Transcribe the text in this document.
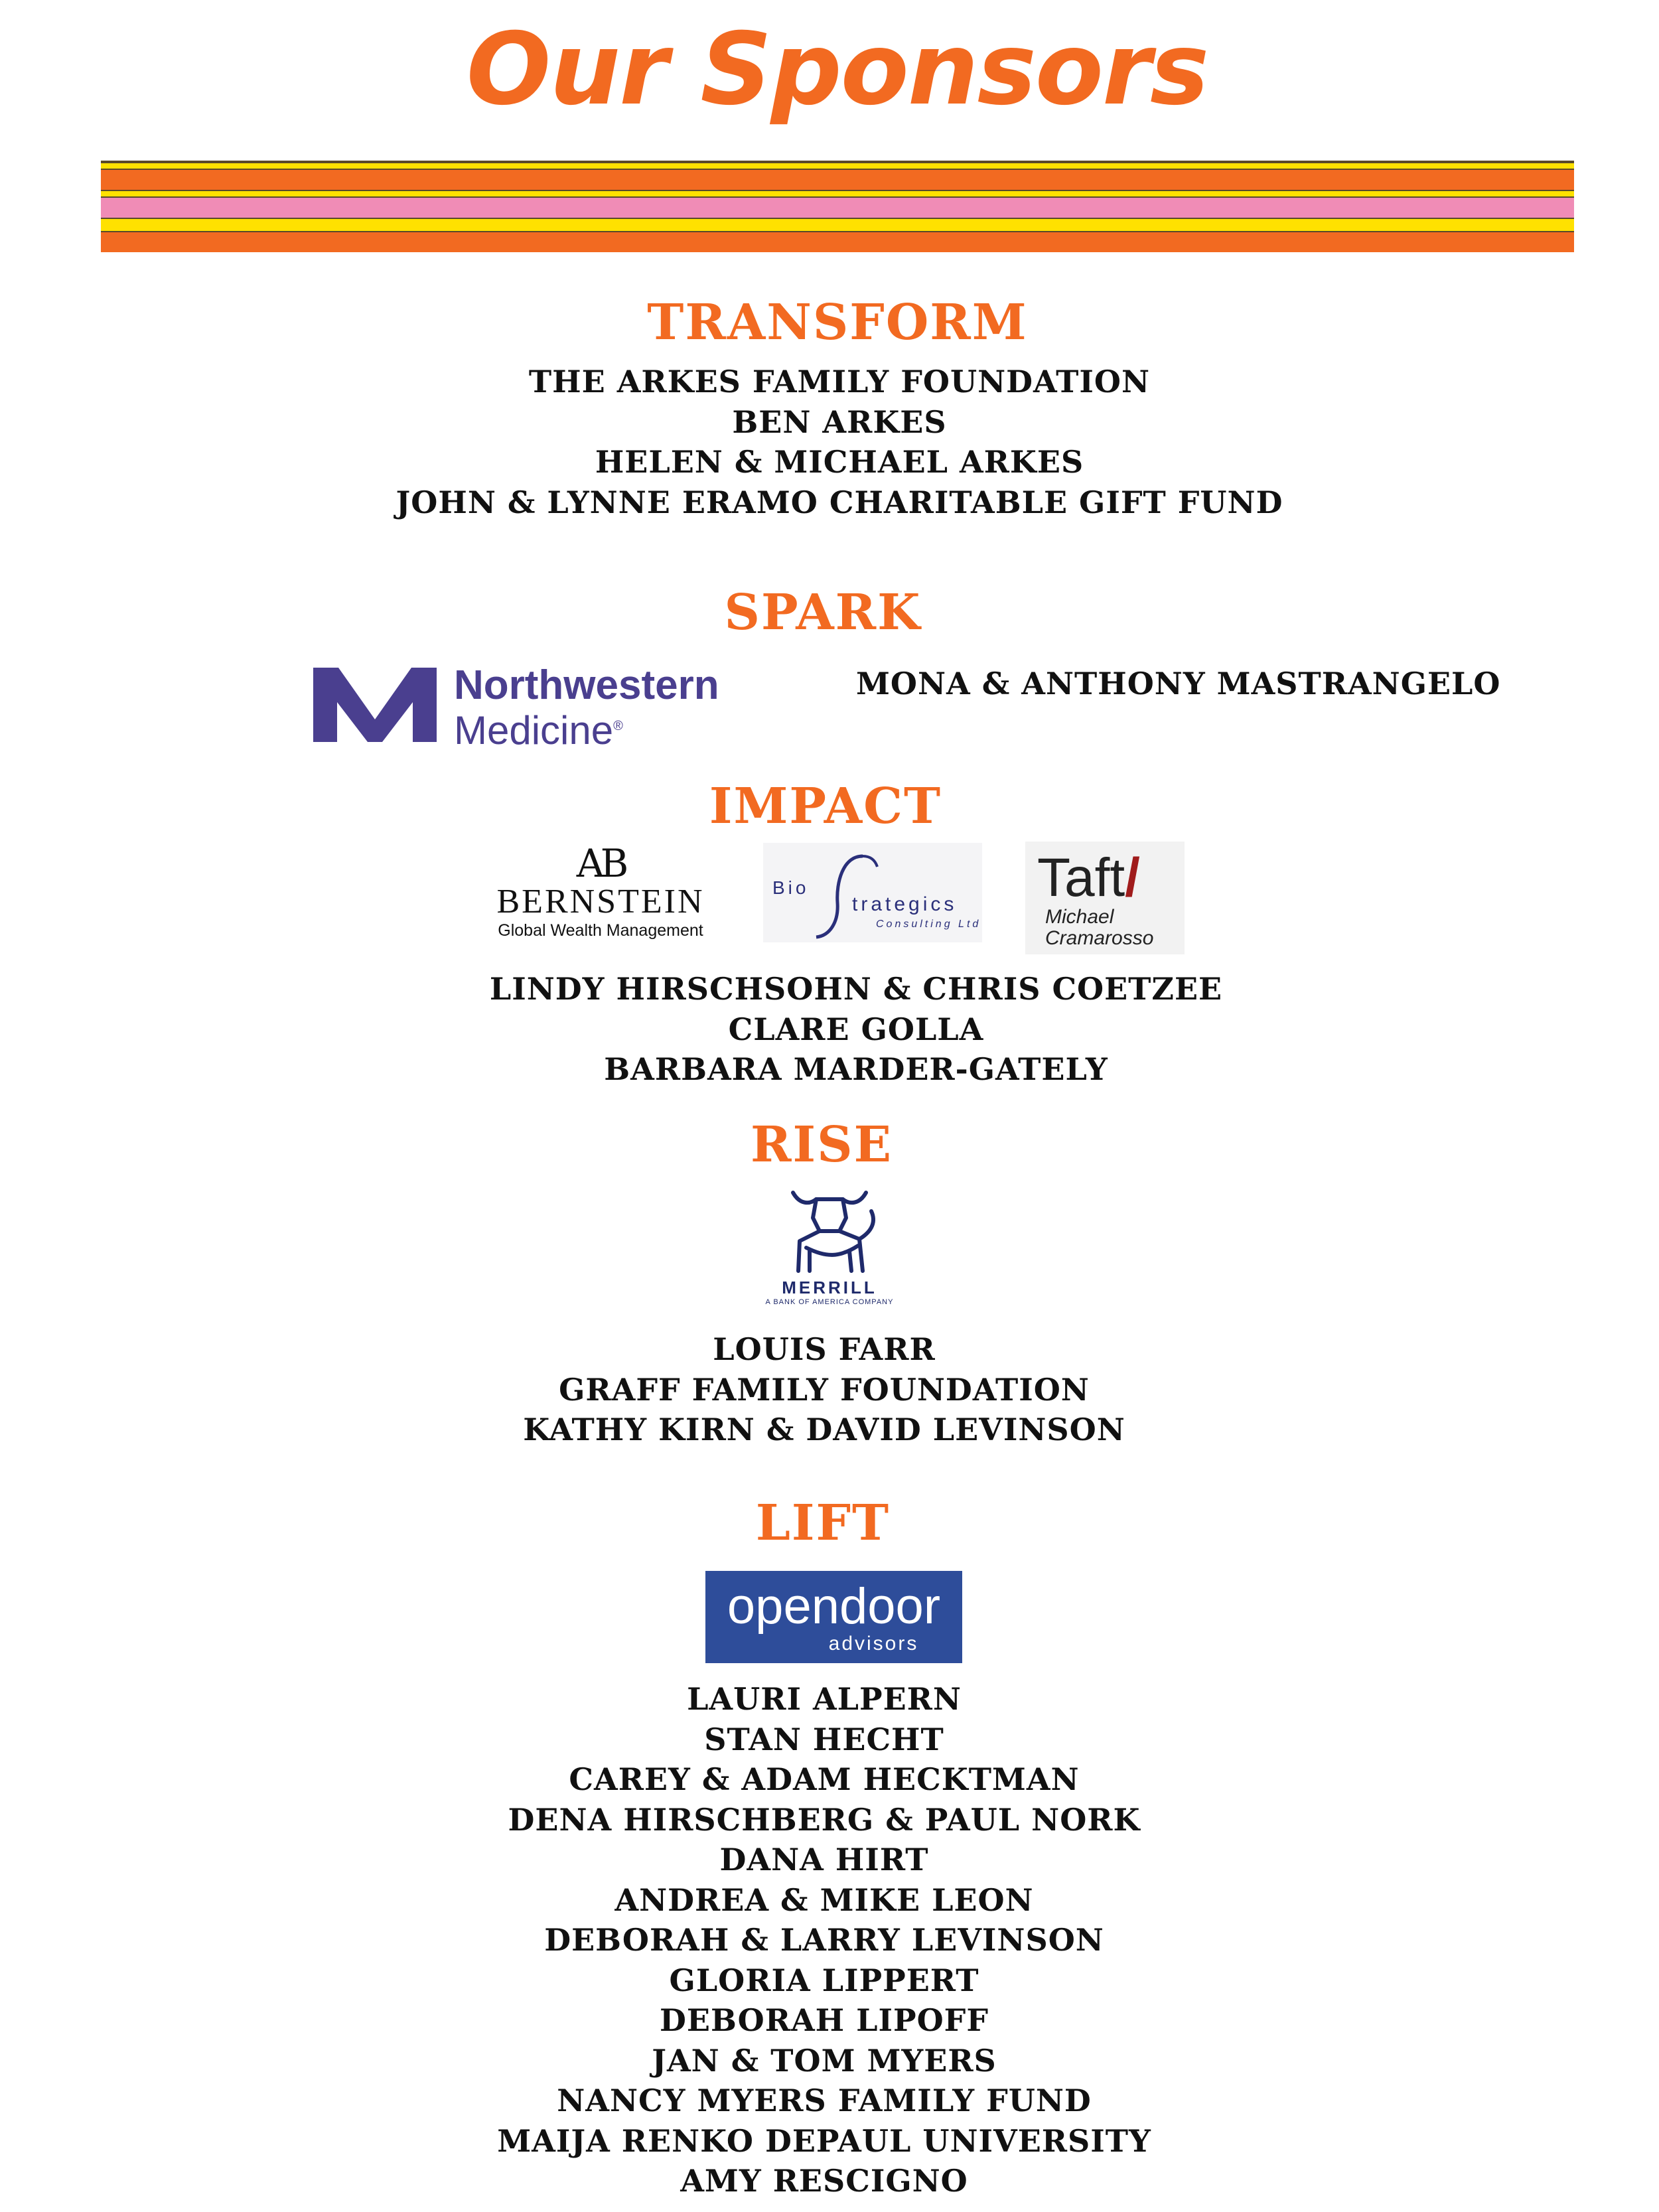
Our Sponsors
TRANSFORM
THE ARKES FAMILY FOUNDATION
BEN ARKES
HELEN & MICHAEL ARKES
JOHN & LYNNE ERAMO CHARITABLE GIFT FUND
SPARK
Northwestern
Medicine®
MONA & ANTHONY MASTRANGELO
IMPACT
AB
BERNSTEIN
Global Wealth Management
Bio
trategics
Consulting Ltd
Taft/
Michael
Cramarosso
LINDY HIRSCHSOHN & CHRIS COETZEE
CLARE GOLLA
BARBARA MARDER-GATELY
RISE
MERRILL
A BANK OF AMERICA COMPANY
LOUIS FARR
GRAFF FAMILY FOUNDATION
KATHY KIRN & DAVID LEVINSON
LIFT
opendoor
advisors
LAURI ALPERN
STAN HECHT
CAREY & ADAM HECKTMAN
DENA HIRSCHBERG & PAUL NORK
DANA HIRT
ANDREA & MIKE LEON
DEBORAH & LARRY LEVINSON
GLORIA LIPPERT
DEBORAH LIPOFF
JAN & TOM MYERS
NANCY MYERS FAMILY FUND
MAIJA RENKO DEPAUL UNIVERSITY
AMY RESCIGNO
